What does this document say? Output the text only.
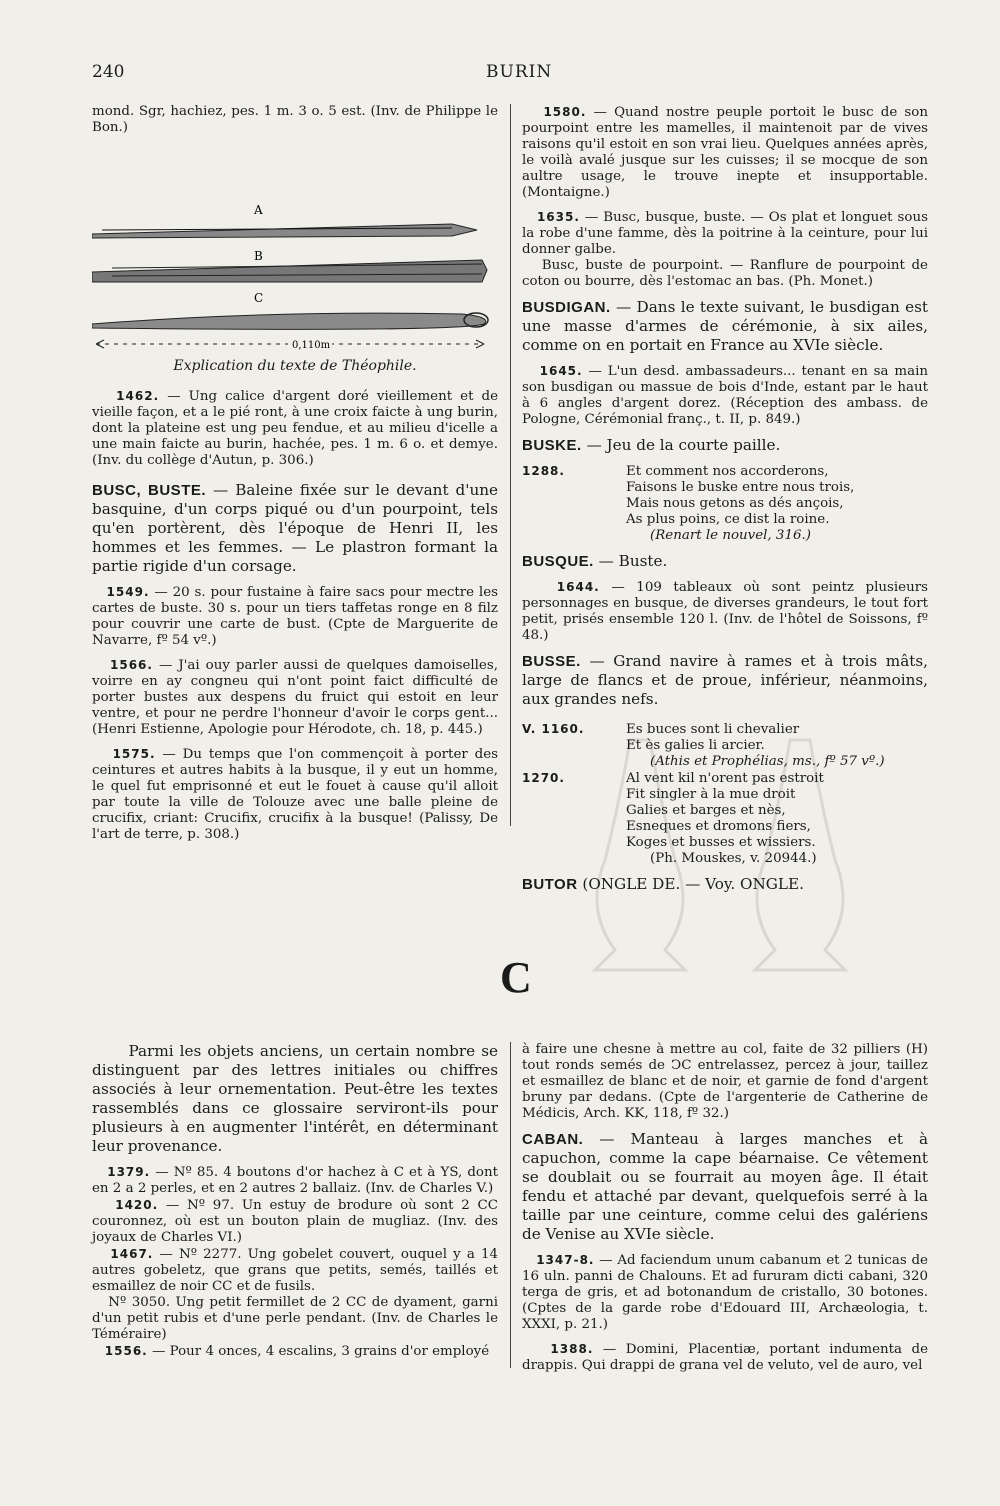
240	BURIN

mond. Sgr, hachiez, pes. 1 m. 3 o. 5 est. (Inv. de Philippe le Bon.)

A
B
C
0,110m

Explication du texte de Théophile.

1462. — Ung calice d'argent doré vieillement et de vieille façon, et a le pié ront, à une croix faicte à ung burin, dont la plateine est ung peu fendue, et au milieu d'icelle a une main faicte au burin, hachée, pes. 1 m. 6 o. et demye. (Inv. du collège d'Autun, p. 306.)

BUSC, BUSTE. — Baleine fixée sur le devant d'une basquine, d'un corps piqué ou d'un pourpoint, tels qu'en portèrent, dès l'époque de Henri II, les hommes et les femmes. — Le plastron formant la partie rigide d'un corsage.

1549. — 20 s. pour fustaine à faire sacs pour mectre les cartes de buste. 30 s. pour un tiers taffetas ronge en 8 filz pour couvrir une carte de bust. (Cpte de Marguerite de Navarre, fº 54 vº.)

1566. — J'ai ouy parler aussi de quelques damoiselles, voirre en ay congneu qui n'ont point faict difficulté de porter bustes aux despens du fruict qui estoit en leur ventre, et pour ne perdre l'honneur d'avoir le corps gent... (Henri Estienne, Apologie pour Hérodote, ch. 18, p. 445.)

1575. — Du temps que l'on commençoit à porter des ceintures et autres habits à la busque, il y eut un homme, le quel fut emprisonné et eut le fouet à cause qu'il alloit par toute la ville de Tolouze avec une balle pleine de crucifix, criant: Crucifix, crucifix à la busque! (Palissy, De l'art de terre, p. 308.)

1580. — Quand nostre peuple portoit le busc de son pourpoint entre les mamelles, il maintenoit par de vives raisons qu'il estoit en son vrai lieu. Quelques années après, le voilà avalé jusque sur les cuisses; il se mocque de son aultre usage, le trouve inepte et insupportable. (Montaigne.)

1635. — Busc, busque, buste. — Os plat et longuet sous la robe d'une famme, dès la poitrine à la ceinture, pour lui donner galbe.

Busc, buste de pourpoint. — Ranflure de pourpoint de coton ou bourre, dès l'estomac an bas. (Ph. Monet.)

BUSDIGAN. — Dans le texte suivant, le busdigan est une masse d'armes de cérémonie, à six ailes, comme on en portait en France au XVIe siècle.

1645. — L'un desd. ambassadeurs... tenant en sa main son busdigan ou massue de bois d'Inde, estant par le haut à 6 angles d'argent dorez. (Réception des ambass. de Pologne, Cérémonial franç., t. II, p. 849.)

BUSKE. — Jeu de la courte paille.

1288.	Et comment nos accorderons,
Faisons le buske entre nous trois,
Mais nous getons as dés ançois,
As plus poins, ce dist la roine.
(Renart le nouvel, 316.)

BUSQUE. — Buste.

1644. — 109 tableaux où sont peintz plusieurs personnages en busque, de diverses grandeurs, le tout fort petit, prisés ensemble 120 l. (Inv. de l'hôtel de Soissons, fº 48.)

BUSSE. — Grand navire à rames et à trois mâts, large de flancs et de proue, inférieur, néanmoins, aux grandes nefs.

V. 1160.	Es buces sont li chevalier
Et ès galies li arcier.
(Athis et Prophélias, ms., fº 57 vº.)
1270.	Al vent kil n'orent pas estroit
Fit singler à la mue droit
Galies et barges et nès,
Esneques et dromons fiers,
Koges et busses et wissiers.
(Ph. Mouskes, v. 20944.)

BUTOR (ONGLE DE. — Voy. ONGLE.

C

Parmi les objets anciens, un certain nombre se distinguent par des lettres initiales ou chiffres associés à leur ornementation. Peut-être les textes rassemblés dans ce glossaire serviront-ils pour plusieurs à en augmenter l'intérêt, en déterminant leur provenance.

1379. — Nº 85. 4 boutons d'or hachez à C et à YS, dont en 2 a 2 perles, et en 2 autres 2 ballaiz. (Inv. de Charles V.)

1420. — Nº 97. Un estuy de brodure où sont 2 CC couronnez, où est un bouton plain de mugliaz. (Inv. des joyaux de Charles VI.)

1467. — Nº 2277. Ung gobelet couvert, ouquel y a 14 autres gobeletz, que grans que petits, semés, taillés et esmaillez de noir CC et de fusils.

Nº 3050. Ung petit fermillet de 2 CC de dyament, garni d'un petit rubis et d'une perle pendant. (Inv. de Charles le Téméraire)

1556. — Pour 4 onces, 4 escalins, 3 grains d'or employé

à faire une chesne à mettre au col, faite de 32 pilliers (H) tout ronds semés de ϽC entrelassez, percez à jour, taillez et esmaillez de blanc et de noir, et garnie de fond d'argent bruny par dedans. (Cpte de l'argenterie de Catherine de Médicis, Arch. KK, 118, fº 32.)

CABAN. — Manteau à larges manches et à capuchon, comme la cape béarnaise. Ce vêtement se doublait ou se fourrait au moyen âge. Il était fendu et attaché par devant, quelquefois serré à la taille par une ceinture, comme celui des galériens de Venise au XVIe siècle.

1347-8. — Ad faciendum unum cabanum et 2 tunicas de 16 uln. panni de Chalouns. Et ad fururam dicti cabani, 320 terga de gris, et ad botonandum de cristallo, 30 botones. (Cptes de la garde robe d'Edouard III, Archæologia, t. XXXI, p. 21.)

1388. — Domini, Placentiæ, portant indumenta de drappis. Qui drappi de grana vel de veluto, vel de auro, vel
